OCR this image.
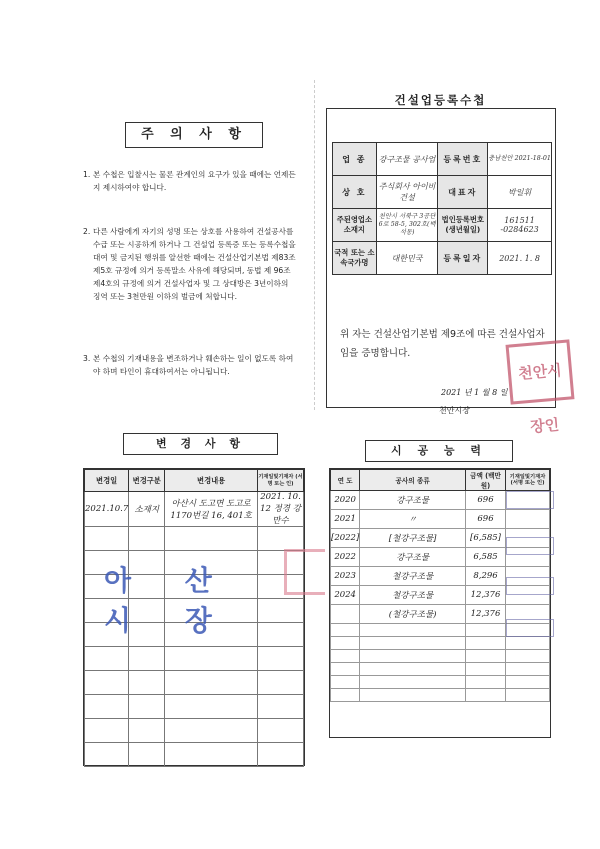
주 의 사 항
1. 본 수첩은 입찰시는 물론 관계인의 요구가 있을 때에는 언제든지 제시하여야 합니다.
2. 다른 사람에게 자기의 성명 또는 상호를 사용하여 건설공사를 수급 또는 시공하게 하거나 그 건설업 등록증 또는 등록수첩을 대여 및 금지된 행위를 알선한 때에는 건설산업기본법 제83조 제5호 규정에 의거 등록말소 사유에 해당되며, 동법 제 96조 제4호의 규정에 의거 건설사업자 및 그 상대방은 3년이하의 징역 또는 3천만원 이하의 벌금에 처합니다.
3. 본 수첩의 기재내용을 변조하거나 훼손하는 일이 없도록 하여야 하며 타인이 휴대하여서는 아니됩니다.
건설업등록수첩
업 종	강구조물 공사업	등록번호	충남천안 2021-18-01
상 호	주식회사 아이비건설	대표자	박일휘
주된영업소 소재지	천안시 서북구 3공단6로 58-5, 302호(백석동)	법인등록번호 (생년월일)	161511 -0284623
국적 또는 소속국가명	대한민국	등록일자	2021. 1. 8
위 자는 건설산업기본법 제9조에 따른 건설사업자임을 증명합니다.
2021 년 1 월 8 일
천안시장
천안시 장인
변 경 사 항
변경일	변경구분	변경내용	기재일및기재자 (서명 또는 인)
2021.10.7	소재지	아산시 도고면 도고로 1170번길 16, 401호	2021. 10. 12 정경 강만수

아 산 시 장
시 공 능 력
연 도	공사의 종류	금액 (백만원)	기재일및기재자 (서명 또는 인)
2020	강구조물	696	
2021	〃	696	
[2022]	[철강구조물]	[6,585]	
2022	강구조물	6,585	
2023	철강구조물	8,296	
2024	철강구조물	12,376	
	(철강구조물)	12,376	
